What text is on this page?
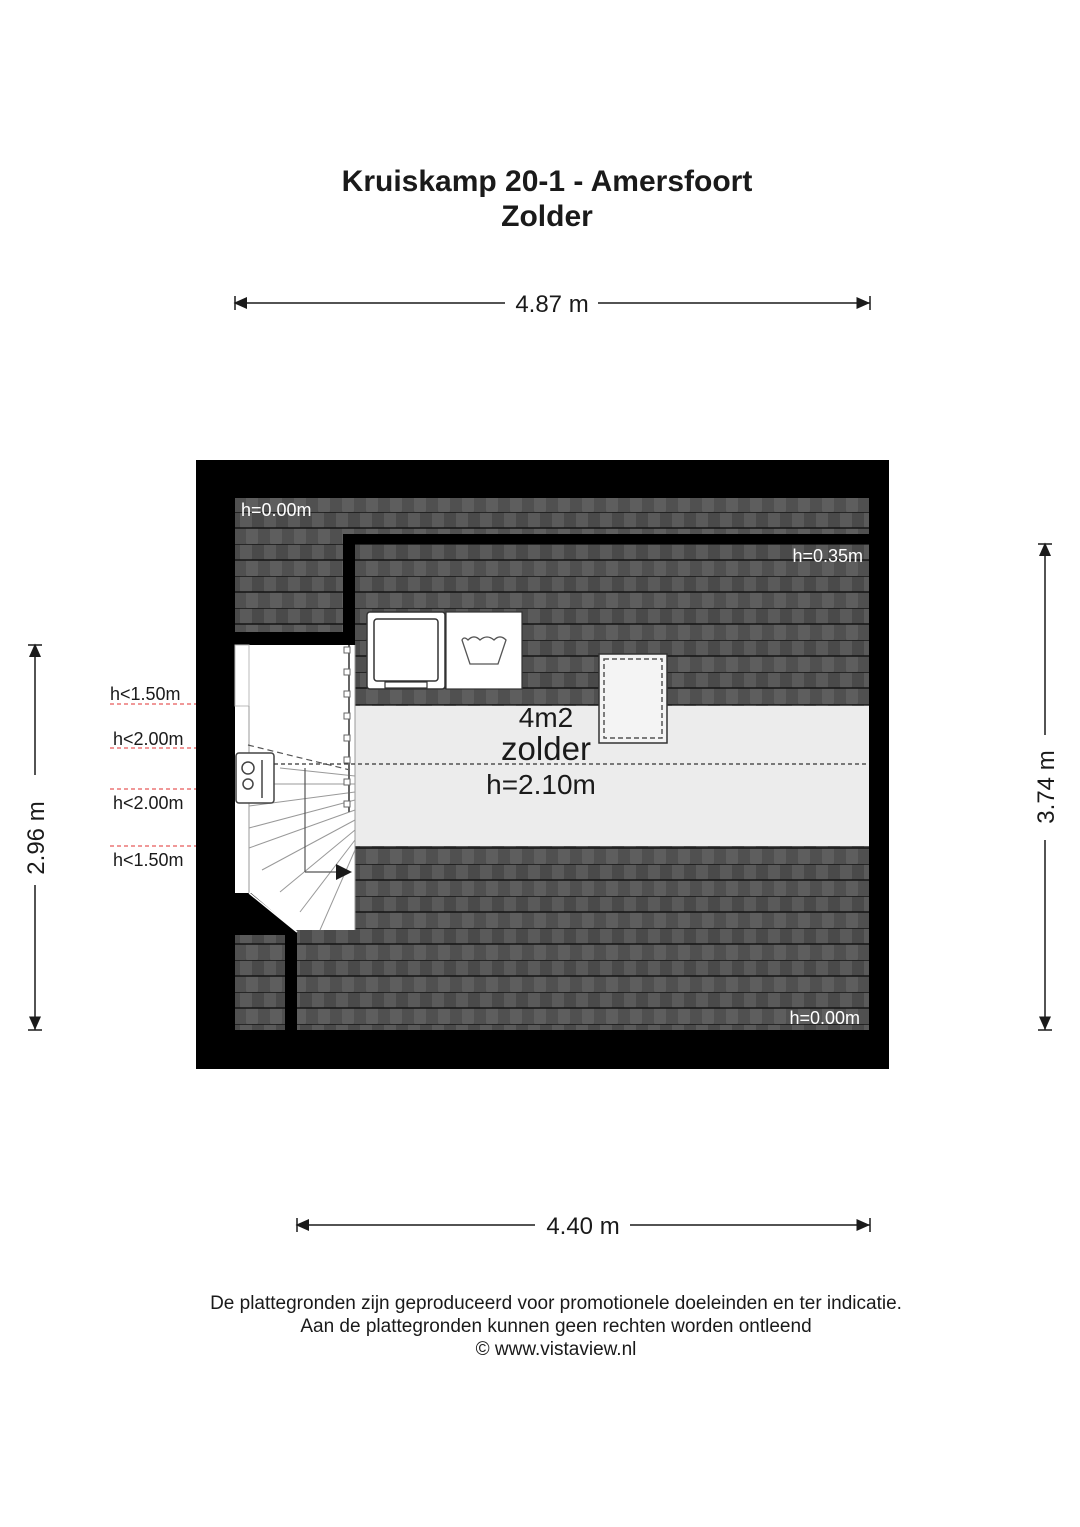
Kruiskamp 20-1 - Amersfoort
Zolder
4.87 m
4m2
zolder
h=2.10m
h=0.00m
h=0.35m
h=0.00m
h<1.50m
h<2.00m
h<2.00m
h<1.50m
2.96 m
3.74 m
4.40 m
De plattegronden zijn geproduceerd voor promotionele doeleinden en ter indicatie.
Aan de plattegronden kunnen geen rechten worden ontleend
© www.vistaview.nl
